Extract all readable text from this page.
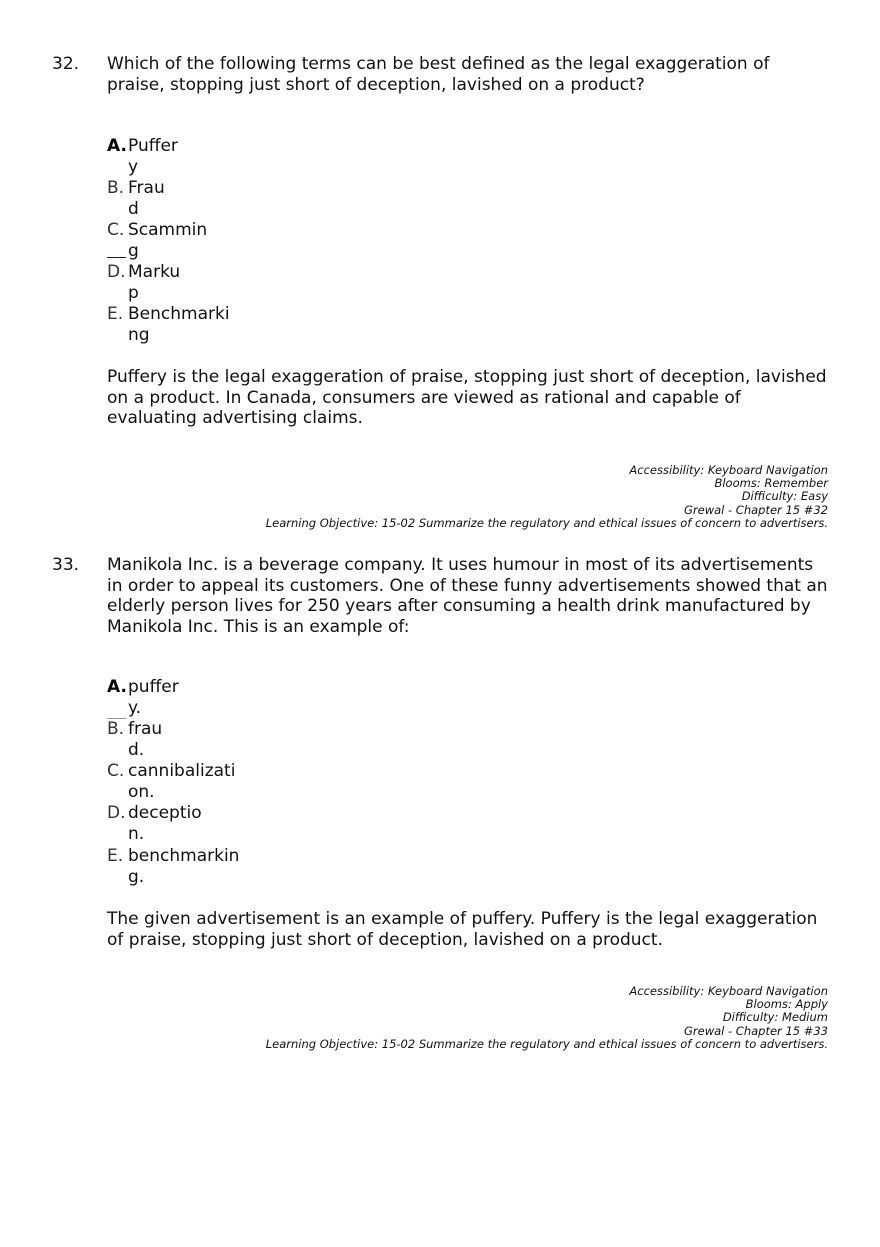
32. Which of the following terms can be best defined as the legal exaggeration of praise, stopping just short of deception, lavished on a product?
A. Puffer
y
B. Frau
d
C. Scammin
g
D. Marku
p
E. Benchmarki
ng
Puffery is the legal exaggeration of praise, stopping just short of deception, lavished on a product. In Canada, consumers are viewed as rational and capable of evaluating advertising claims.
Accessibility: Keyboard Navigation
Blooms: Remember
Difficulty: Easy
Grewal - Chapter 15 #32
Learning Objective: 15-02 Summarize the regulatory and ethical issues of concern to advertisers.
33. Manikola Inc. is a beverage company. It uses humour in most of its advertisements in order to appeal its customers. One of these funny advertisements showed that an elderly person lives for 250 years after consuming a health drink manufactured by Manikola Inc. This is an example of:
A. puffer
y.
B. frau
d.
C. cannibalizati
on.
D. deceptio
n.
E. benchmarkin
g.
The given advertisement is an example of puffery. Puffery is the legal exaggeration of praise, stopping just short of deception, lavished on a product.
Accessibility: Keyboard Navigation
Blooms: Apply
Difficulty: Medium
Grewal - Chapter 15 #33
Learning Objective: 15-02 Summarize the regulatory and ethical issues of concern to advertisers.
